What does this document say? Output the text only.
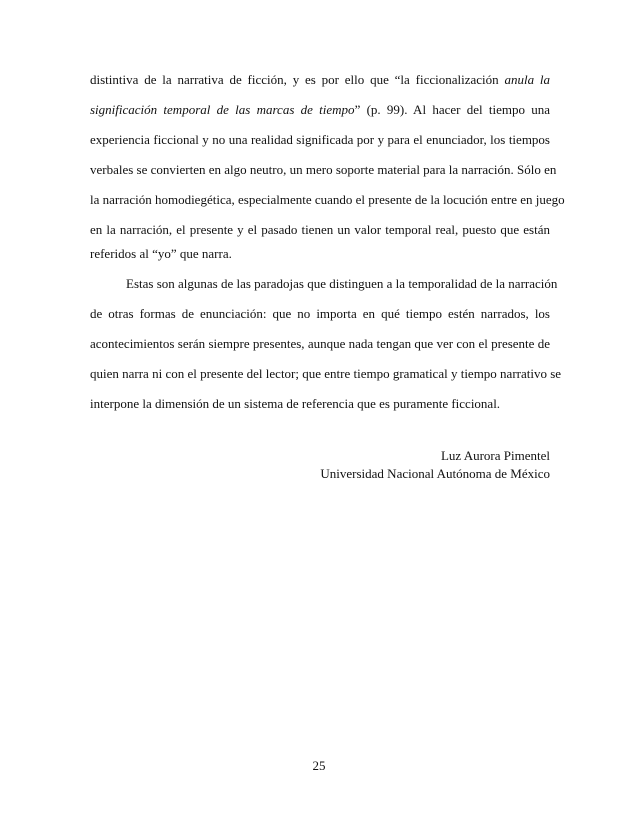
distintiva de la narrativa de ficción, y es por ello que “la ficcionalización anula la
significación temporal de las marcas de tiempo” (p. 99). Al hacer del tiempo una
experiencia ficcional y no una realidad significada por y para el enunciador, los tiempos
verbales se convierten en algo neutro, un mero soporte material para la narración. Sólo en
la narración homodiegética, especialmente cuando el presente de la locución entre en juego
en la narración, el presente y el pasado tienen un valor temporal real, puesto que están
referidos al “yo” que narra.
Estas son algunas de las paradojas que distinguen a la temporalidad de la narración
de otras formas de enunciación: que no importa en qué tiempo estén narrados, los
acontecimientos serán siempre presentes, aunque nada tengan que ver con el presente de
quien narra ni con el presente del lector; que entre tiempo gramatical y tiempo narrativo se
interpone la dimensión de un sistema de referencia que es puramente ficcional.
Luz Aurora Pimentel
Universidad Nacional Autónoma de México
25
